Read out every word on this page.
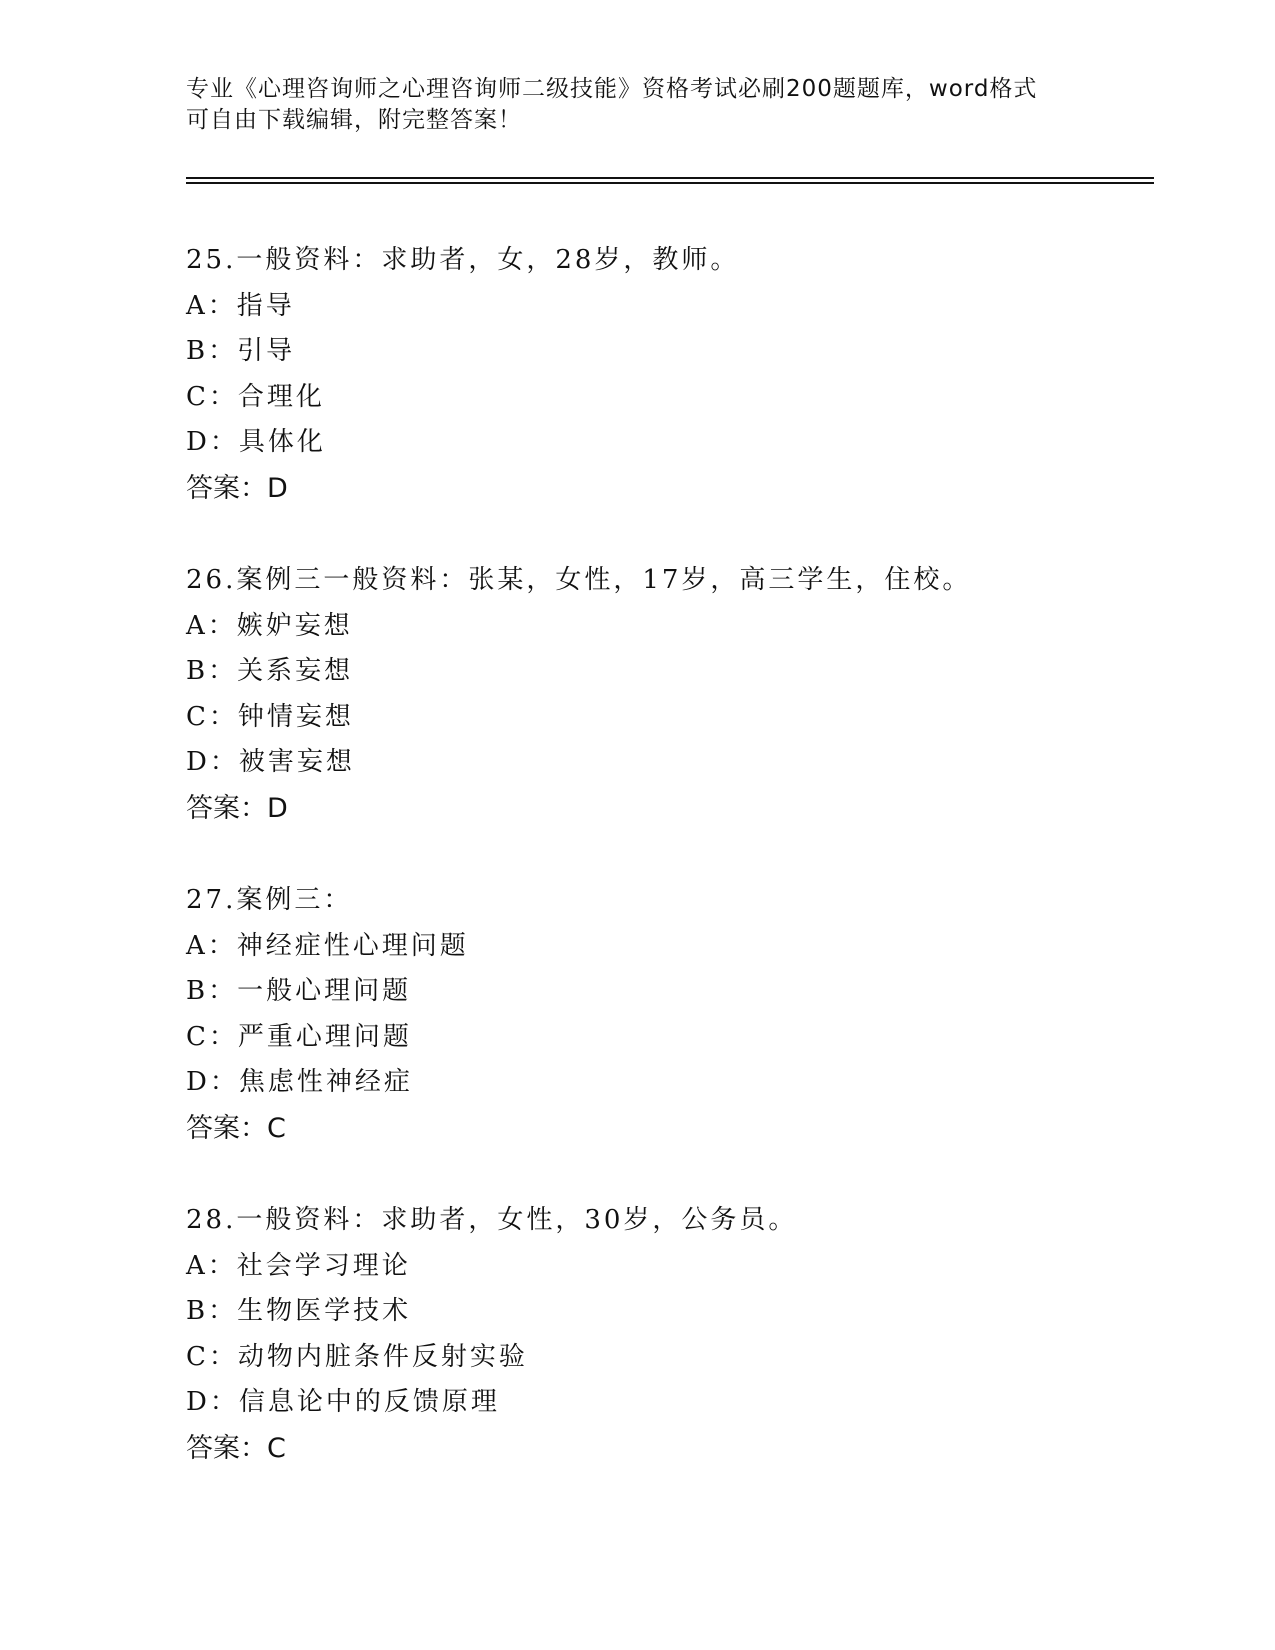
专业《心理咨询师之心理咨询师二级技能》资格考试必刷200题题库，word格式
可自由下载编辑，附完整答案！
25.一般资料：求助者，女，28岁，教师。
A：指导
B：引导
C：合理化
D：具体化
答案：D
26.案例三一般资料：张某，女性，17岁，高三学生，住校。
A：嫉妒妄想
B：关系妄想
C：钟情妄想
D：被害妄想
答案：D
27.案例三：
A：神经症性心理问题
B：一般心理问题
C：严重心理问题
D：焦虑性神经症
答案：C
28.一般资料：求助者，女性，30岁，公务员。
A：社会学习理论
B：生物医学技术
C：动物内脏条件反射实验
D：信息论中的反馈原理
答案：C
